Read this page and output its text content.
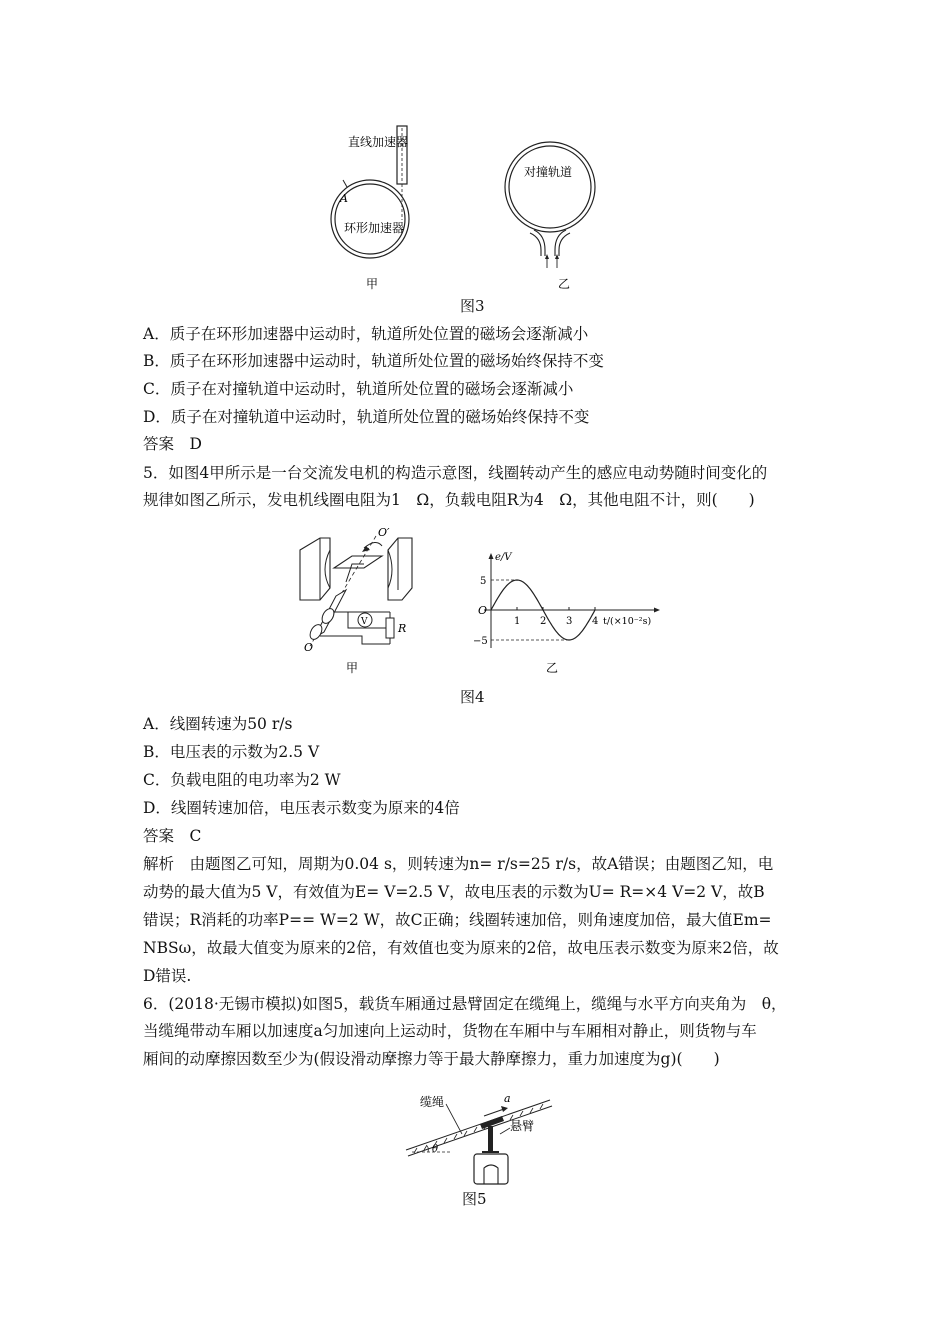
直线加速器
A
环形加速器
甲
对撞轨道
乙
图3
A．质子在环形加速器中运动时，轨道所处位置的磁场会逐渐减小
B．质子在环形加速器中运动时，轨道所处位置的磁场始终保持不变
C．质子在对撞轨道中运动时，轨道所处位置的磁场会逐渐减小
D．质子在对撞轨道中运动时，轨道所处位置的磁场始终保持不变
答案　D
5．如图4甲所示是一台交流发电机的构造示意图，线圈转动产生的感应电动势随时间变化的
规律如图乙所示，发电机线圈电阻为1　Ω，负载电阻R为4　Ω，其他电阻不计，则(　　)
V	R
O′
O
甲
1 2 3 4
5
−5
e/V
O
t/(×10⁻²s)
乙
图4
A．线圈转速为50 r/s
B．电压表的示数为2.5 V
C．负载电阻的电功率为2 W
D．线圈转速加倍，电压表示数变为原来的4倍
答案　C
解析　由题图乙可知，周期为0.04 s，则转速为n= r/s=25 r/s，故A错误；由题图乙知，电
动势的最大值为5 V，有效值为E= V=2.5 V，故电压表的示数为U= R=×4 V=2 V，故B
错误；R消耗的功率P== W=2 W，故C正确；线圈转速加倍，则角速度加倍，最大值Em=
NBSω，故最大值变为原来的2倍，有效值也变为原来的2倍，故电压表示数变为原来2倍，故
D错误.
6．(2018·无锡市模拟)如图5，载货车厢通过悬臂固定在缆绳上，缆绳与水平方向夹角为　θ，
当缆绳带动车厢以加速度a匀加速向上运动时，货物在车厢中与车厢相对静止，则货物与车
厢间的动摩擦因数至少为(假设滑动摩擦力等于最大静摩擦力，重力加速度为g)(　　)
a
悬臂
θ
缆绳
图5
